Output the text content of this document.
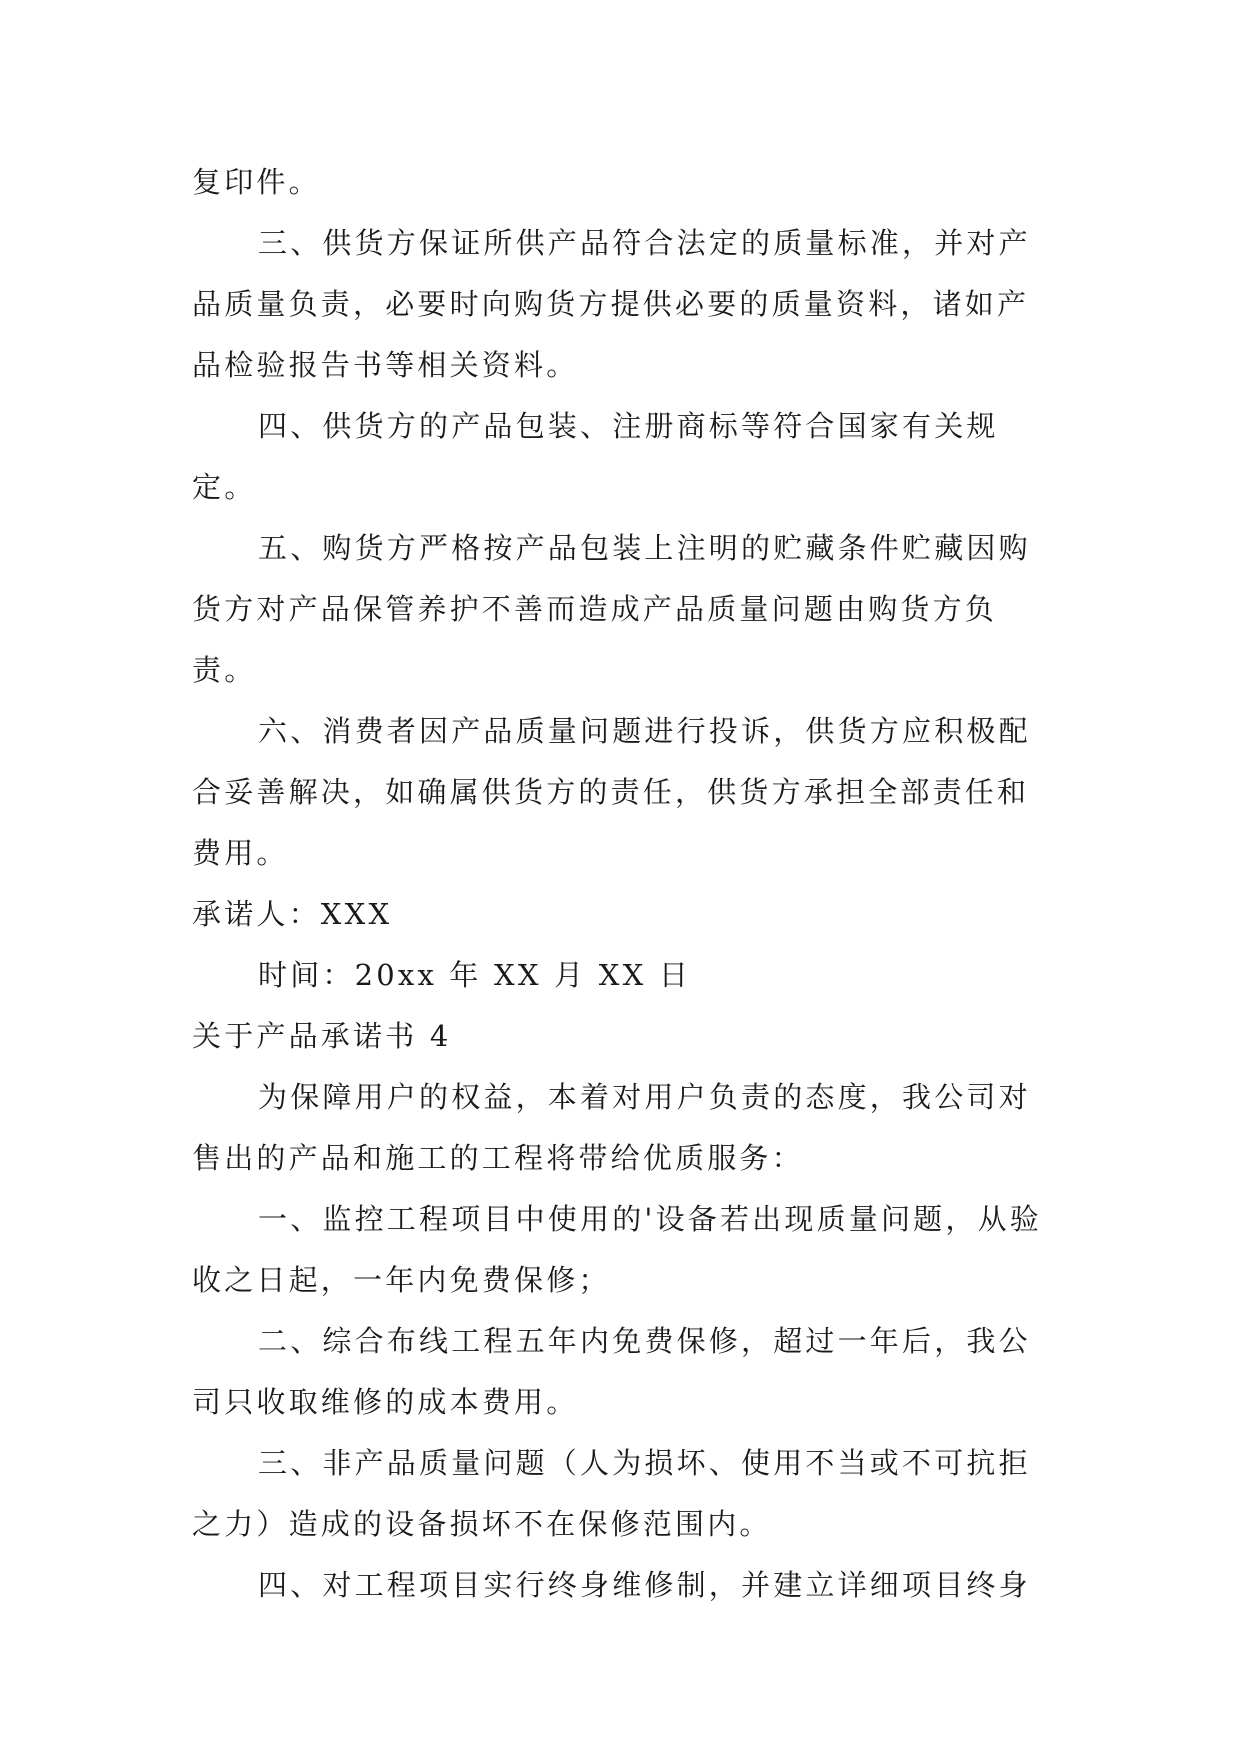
复印件。

三、供货方保证所供产品符合法定的质量标准，并对产品质量负责，必要时向购货方提供必要的质量资料，诸如产品检验报告书等相关资料。

四、供货方的产品包装、注册商标等符合国家有关规定。

五、购货方严格按产品包装上注明的贮藏条件贮藏因购货方对产品保管养护不善而造成产品质量问题由购货方负责。

六、消费者因产品质量问题进行投诉，供货方应积极配合妥善解决，如确属供货方的责任，供货方承担全部责任和费用。

承诺人：XXX

时间：20xx 年 XX 月 XX 日

关于产品承诺书 4

为保障用户的权益，本着对用户负责的态度，我公司对售出的产品和施工的工程将带给优质服务：

一、监控工程项目中使用的'设备若出现质量问题，从验收之日起，一年内免费保修；

二、综合布线工程五年内免费保修，超过一年后，我公司只收取维修的成本费用。

三、非产品质量问题（人为损坏、使用不当或不可抗拒之力）造成的设备损坏不在保修范围内。

四、对工程项目实行终身维修制，并建立详细项目终身
